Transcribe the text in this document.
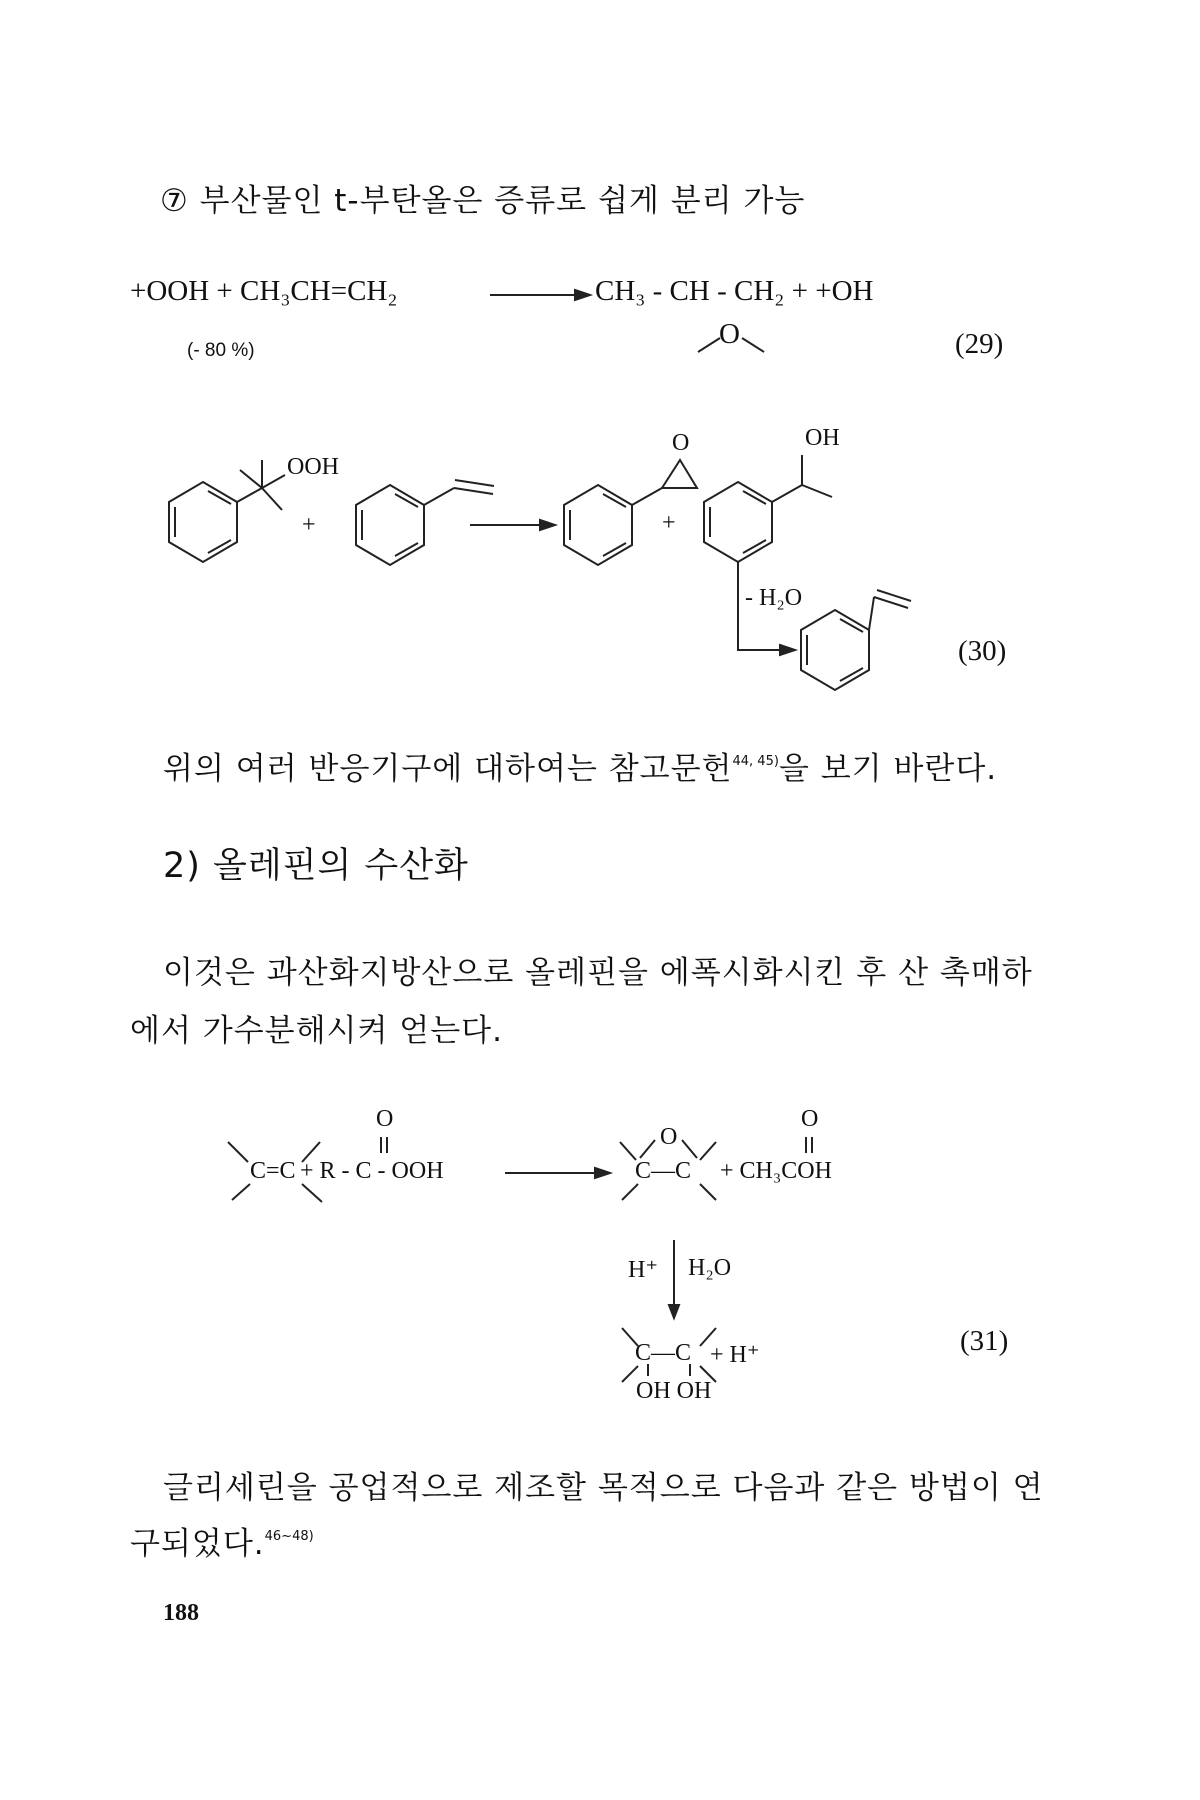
⑦ 부산물인 t-부탄올은 증류로 쉽게 분리 가능
+OOH + CH₃CH=CH₂	CH₃ - CH - CH₂ + +OH
O
(- 80 %)	(29)
OOH
+	+
O	OH
- H₂O
(30)
위의 여러 반응기구에 대하여는 참고문헌$^{44, 45)}$을 보기 바란다.
2) 올레핀의 수산화
이것은 과산화지방산으로 올레핀을 에폭시화시킨 후 산 촉매하
에서 가수분해시켜 얻는다.
C=C + R - C - OOH
O
O
C—C + CH₃COH
O
H⁺ H₂O
C—C + H⁺
OH OH
(31)
글리세린을 공업적으로 제조할 목적으로 다음과 같은 방법이 연
구되었다.$^{46\sim 48)}$
188
